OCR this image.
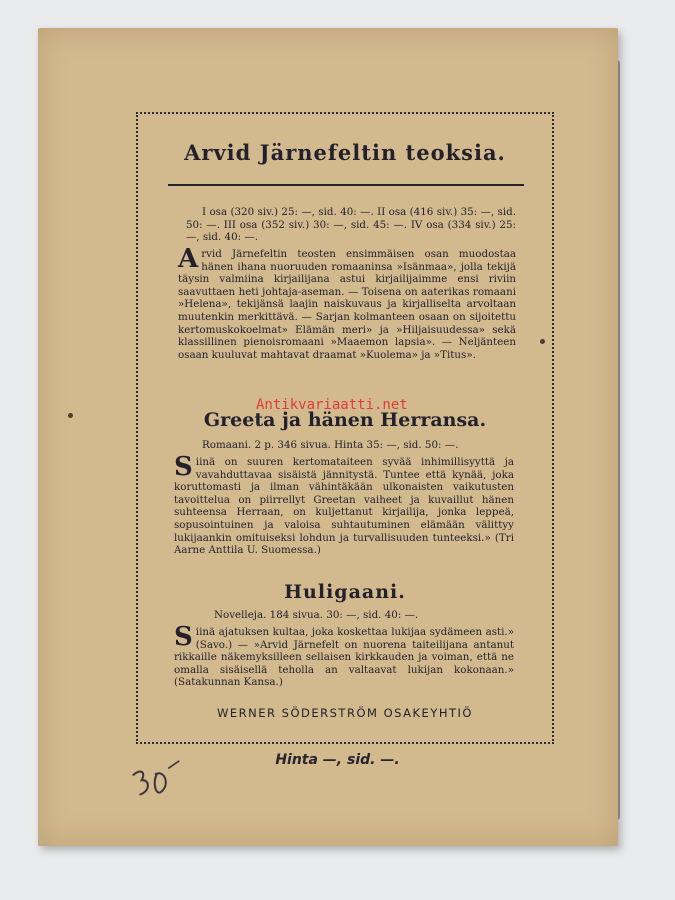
Arvid Järnefeltin teoksia.
I osa (320 siv.) 25: —, sid. 40: —. II osa (416 siv.) 35: —, sid. 50: —. III osa (352 siv.) 30: —, sid. 45: —. IV osa (334 siv.) 25: —, sid. 40: —.
Arvid Järnefeltin teosten ensimmäisen osan muodostaa hänen ihana nuoruuden romaaninsa »Isänmaa», jolla tekijä täysin valmiina kirjailijana astui kirjailijaimme ensi riviin saavuttaen heti johtaja-aseman. — Toisena on aaterikas romaani »Helena», tekijänsä laajin naiskuvaus ja kirjalliselta arvoltaan muutenkin merkittävä. — Sarjan kolmanteen osaan on sijoitettu kertomuskokoelmat» Elämän meri» ja »Hiljaisuudessa» sekä klassillinen pienoisromaani »Maaemon lapsia». — Neljänteen osaan kuuluvat mahtavat draamat »Kuolema» ja »Titus».
Greeta ja hänen Herransa.
Romaani. 2 p. 346 sivua. Hinta 35: —, sid. 50: —.
Siinä on suuren kertomataiteen syvää inhimillisyyttä ja vavahduttavaa sisäistä jännitystä. Tuntee että kynää, joka koruttomasti ja ilman vähintäkään ulkonaisten vaikutusten tavoittelua on piirrellyt Greetan vaiheet ja kuvaillut hänen suhteensa Herraan, on kuljettanut kirjailija, jonka leppeä, sopusointuinen ja valoisa suhtautuminen elämään välittyy lukijaankin omituiseksi lohdun ja turvallisuuden tunteeksi.» (Tri Aarne Anttila U. Suomessa.)
Huligaani.
Novelleja. 184 sivua. 30: —, sid. 40: —.
Siinä ajatuksen kultaa, joka koskettaa lukijaa sydämeen asti.» (Savo.) — »Arvid Järnefelt on nuorena taiteilijana antanut rikkaille näkemyksilleen sellaisen kirkkauden ja voiman, että ne omalla sisäisellä teholla an valtaavat lukijan kokonaan.» (Satakunnan Kansa.)
WERNER SÖDERSTRÖM OSAKEYHTIÖ
Antikvariaatti.net
Hinta —, sid. —.
